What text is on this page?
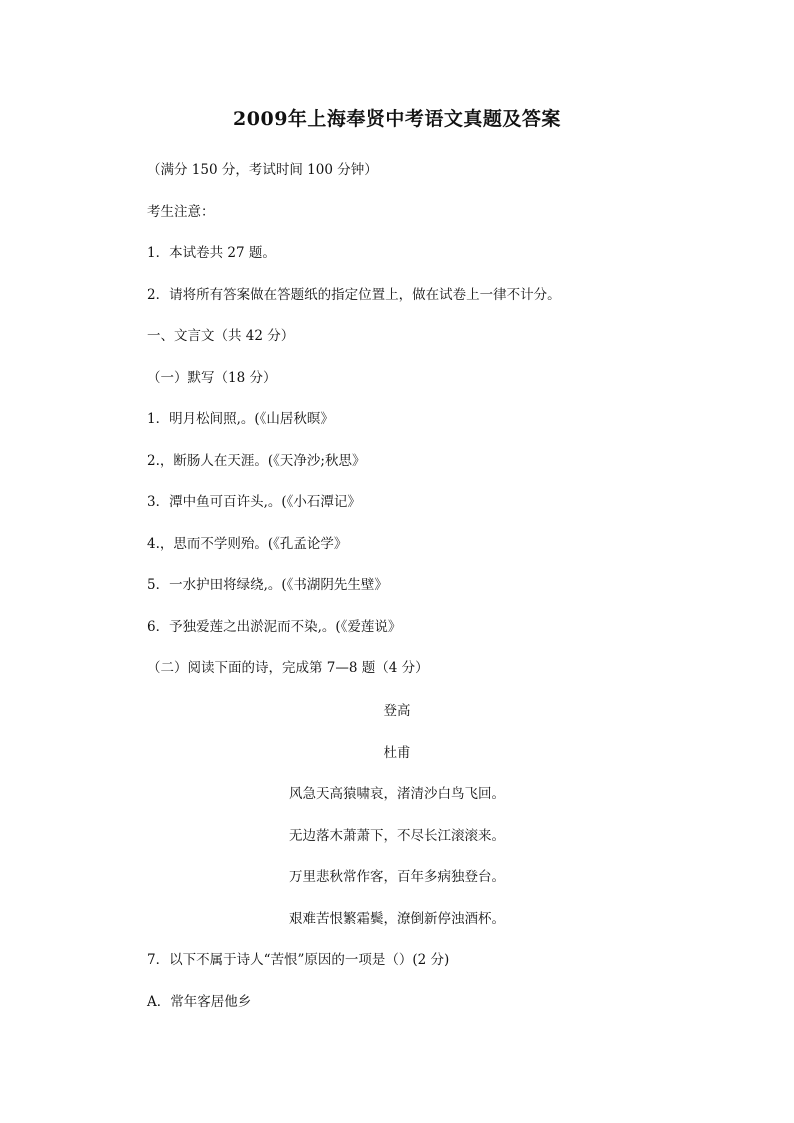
2009年上海奉贤中考语文真题及答案
（满分 150 分，考试时间 100 分钟）
考生注意：
1．本试卷共 27 题。
2．请将所有答案做在答题纸的指定位置上，做在试卷上一律不计分。
一、文言文（共 42 分）
（一）默写（18 分）
1．明月松间照,。(《山居秋暝》
2.，断肠人在天涯。(《天净沙;秋思》
3．潭中鱼可百许头,。(《小石潭记》
4.，思而不学则殆。(《孔孟论学》
5．一水护田将绿绕,。(《书湖阴先生壁》
6．予独爱莲之出淤泥而不染,。(《爱莲说》
（二）阅读下面的诗，完成第 7—8 题（4 分）
登高
杜甫
风急天高猿啸哀，渚清沙白鸟飞回。
无边落木萧萧下，不尽长江滚滚来。
万里悲秋常作客，百年多病独登台。
艰难苦恨繁霜鬓，潦倒新停浊酒杯。
7．以下不属于诗人“苦恨”原因的一项是（）(2 分)
A．常年客居他乡
